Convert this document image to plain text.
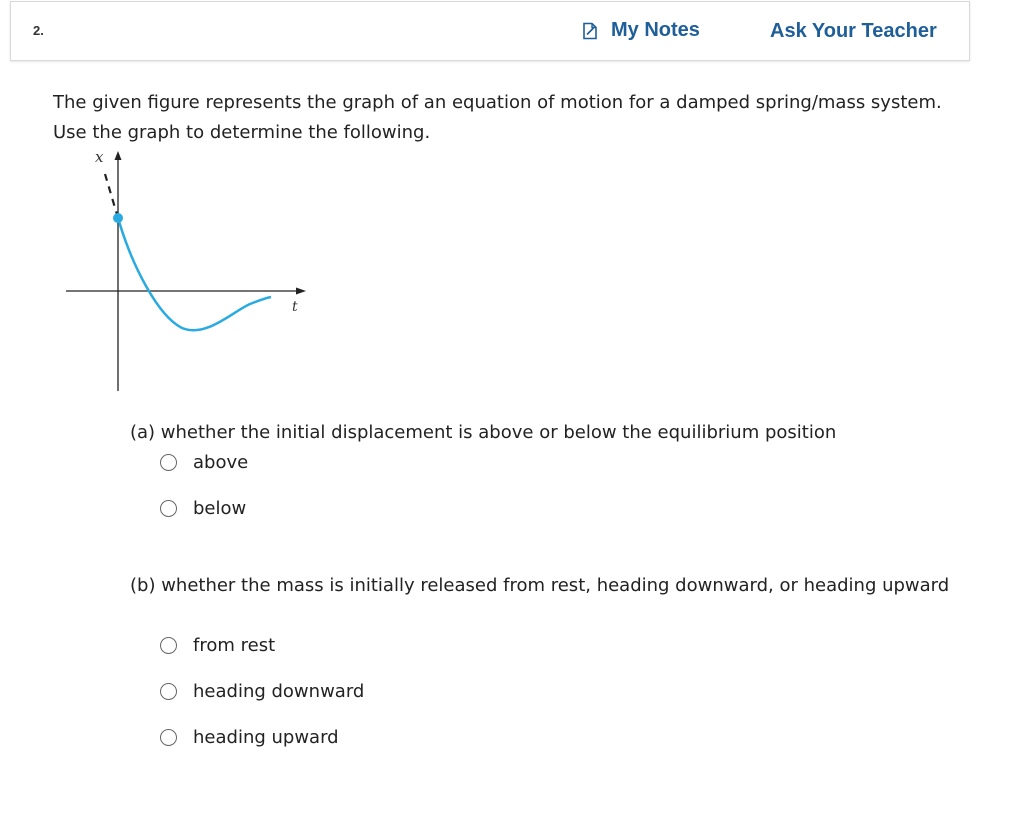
2.	My Notes	Ask Your Teacher
The given figure represents the graph of an equation of motion for a damped spring/mass system. Use the graph to determine the following.
x
t
(a) whether the initial displacement is above or below the equilibrium position
above
below
(b) whether the mass is initially released from rest, heading downward, or heading upward
from rest
heading downward
heading upward
